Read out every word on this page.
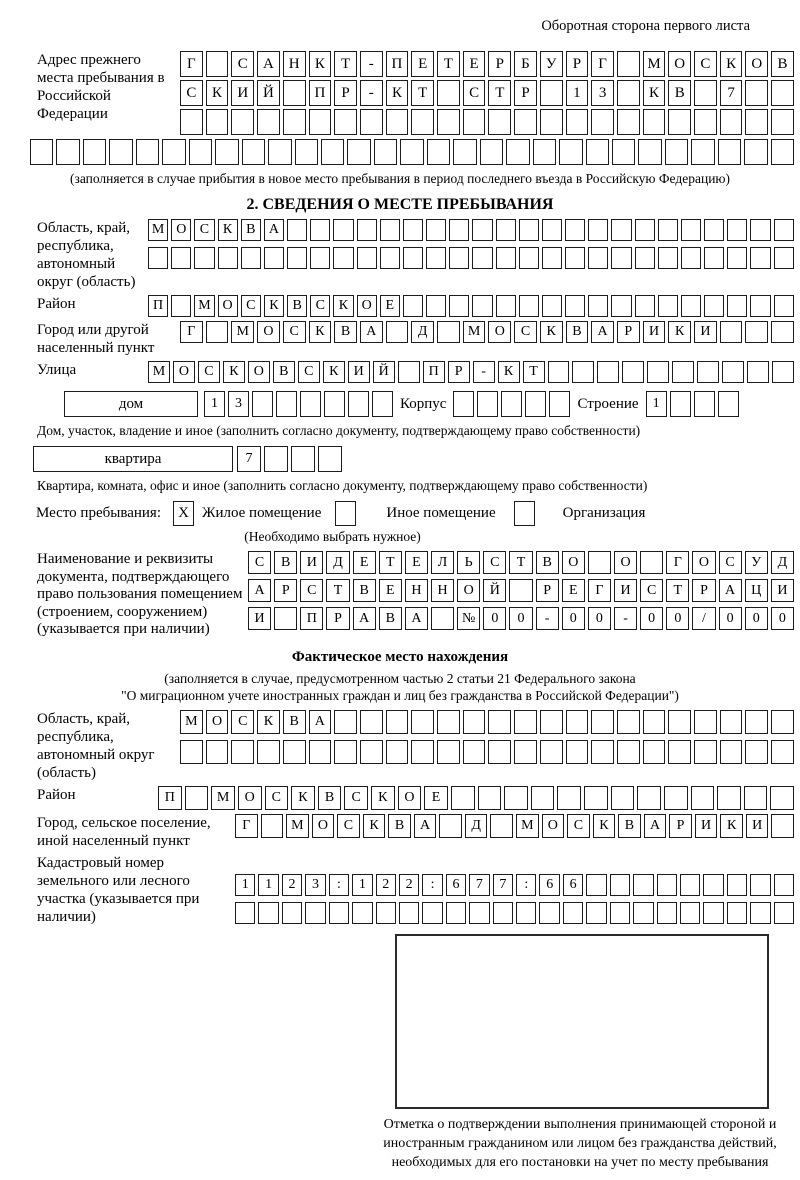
Оборотная сторона первого листа
Адрес прежнего места пребывания в Российской Федерации
Г	С	А Н	К	Т	-	П	Е	Т	Е	Р	Б	У	Р	Г	М О	С	К	О	В
С	К	И Й	П	Р	-	К	Т	С	Т	Р	1	3	К	В	7
(заполняется в случае прибытия в новое место пребывания в период последнего въезда в Российскую Федерацию)
2. СВЕДЕНИЯ О МЕСТЕ ПРЕБЫВАНИЯ
Область, край, республика, автономный округ (область)
М О С К В А
Район	П	М О С К В С К О Е
Город или другой населенный пункт
Г	М	О	С	К	В	А	Д	М	О	С	К	В	А	Р	И	К	И
Улица	М О	С	К	О	В	С	К	И	Й	П	Р	-	К	Т
дом	1	3	Корпус	Строение	1
Дом, участок, владение и иное (заполнить согласно документу, подтверждающему право собственности)
квартира	7
Квартира, комната, офис и иное (заполнить согласно документу, подтверждающему право собственности)
Место пребывания:	X Жилое помещение	Иное помещение	Организация
(Необходимо выбрать нужное)
Наименование и реквизиты документа, подтверждающего право пользования помещением (строением, сооружением) (указывается при наличии)
С	В	И	Д	Е	Т	Е	Л	Ь	С	Т	В	О	О	Г	О	С	У	Д
А	Р	С	Т	В	Е	Н	Н	О	Й	Р	Е	Г	И	С	Т	Р	А	Ц	И
И	П	Р	А	В	А	№	0	0	-	0	0	-	0	0	/	0	0	0
Фактическое место нахождения
(заполняется в случае, предусмотренном частью 2 статьи 21 Федерального закона
"О миграционном учете иностранных граждан и лиц без гражданства в Российской Федерации")
Область, край, республика, автономный округ (область)
М	О	С	К	В	А
Район	П	М	О	С	К	В	С	К	О	Е
Город, сельское поселение, иной населенный пункт
Г	М	О	С	К	В	А	Д	М	О	С	К	В	А	Р	И	К	И
Кадастровый номер земельного или лесного участка (указывается при наличии)
1	1	2	3	:	1	2	2	:	6	7	7	:	6	6
Отметка о подтверждении выполнения принимающей стороной и иностранным гражданином или лицом без гражданства действий, необходимых для его постановки на учет по месту пребывания
